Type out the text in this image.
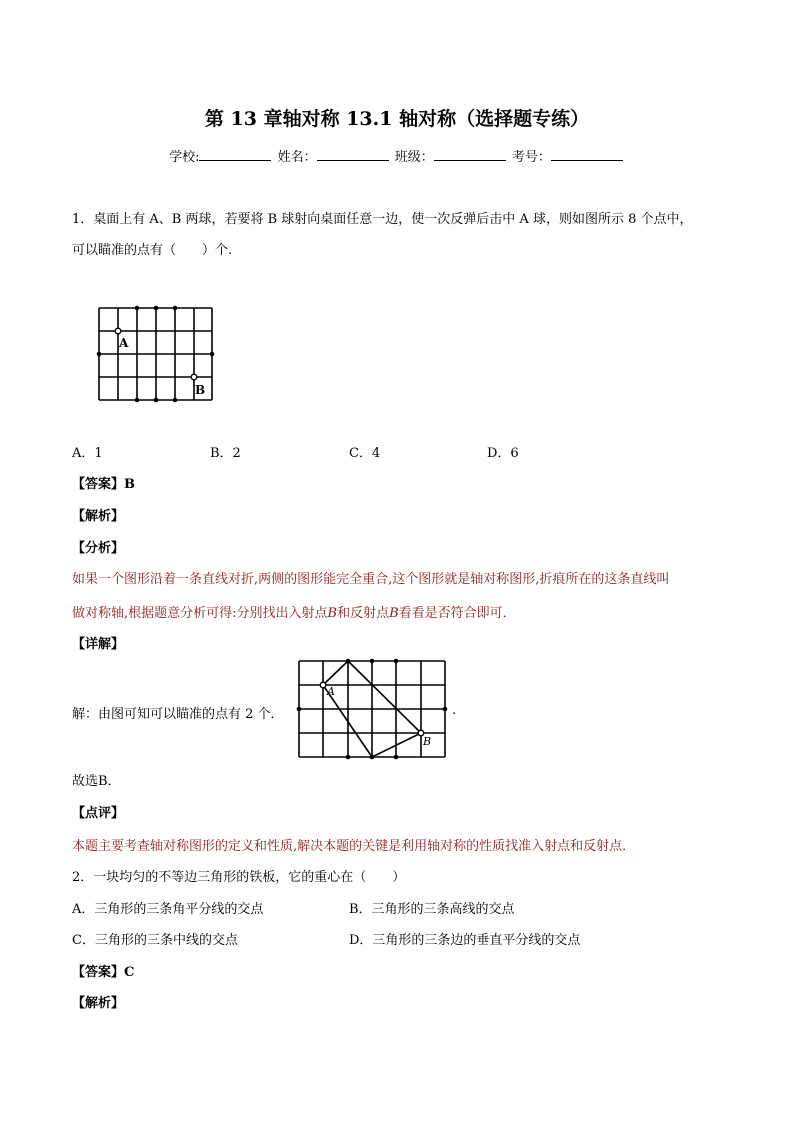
第 13 章轴对称 13.1 轴对称（选择题专练）
学校:	姓名：	班级：	考号：
1．桌面上有 A、B 两球，若要将 B 球射向桌面任意一边，使一次反弹后击中 A 球，则如图所示 8 个点中，
可以瞄准的点有（　　）个.
A
B
A．1	B．2	C．4	D．6
【答案】B
【解析】
【分析】
如果一个图形沿着一条直线对折,两侧的图形能完全重合,这个图形就是轴对称图形,折痕所在的这条直线叫
做对称轴,根据题意分析可得:分别找出入射点B和反射点B看看是否符合即可．
【详解】
解：由图可知可以瞄准的点有 2 个．
A
B
.
故选B．
【点评】
本题主要考查轴对称图形的定义和性质,解决本题的关键是利用轴对称的性质找准入射点和反射点．
2．一块均匀的不等边三角形的铁板，它的重心在（　　）
A．三角形的三条角平分线的交点	B．三角形的三条高线的交点
C．三角形的三条中线的交点	D．三角形的三条边的垂直平分线的交点
【答案】C
【解析】
